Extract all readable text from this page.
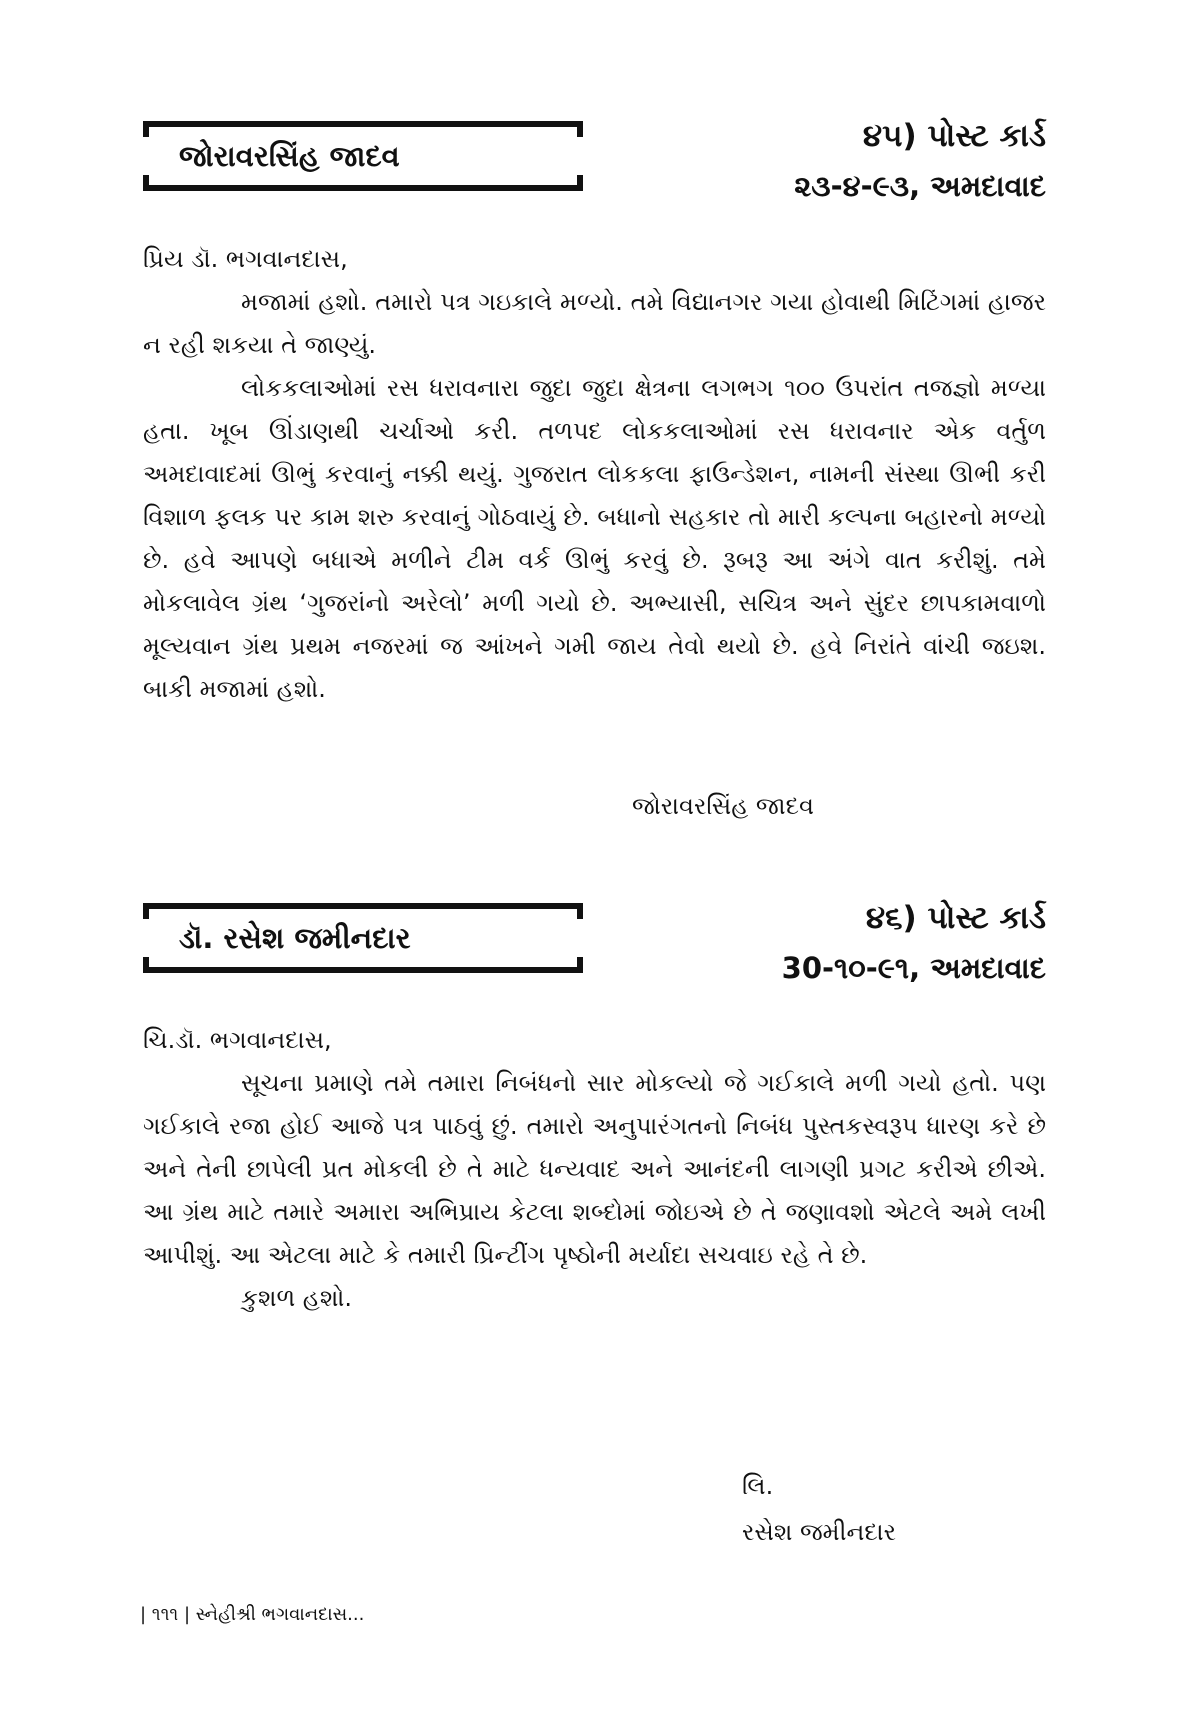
જોરાવરસિંહ જાદવ
૪૫) પોસ્ટ કાર્ડ
૨૩-૪-૯૩, અમદાવાદ
પ્રિય ડૉ. ભગવાનદાસ,

મજામાં હશો. તમારો પત્ર ગઇકાલે મળ્યો. તમે વિદ્યાનગર ગયા હોવાથી મિટિંગમાં હાજર ન રહી શકયા તે જાણ્યું.

લોકકલાઓમાં રસ ધરાવનારા જુદા જુદા ક્ષેત્રના લગભગ ૧૦૦ ઉપરાંત તજજ્ઞો મળ્યા હતા. ખૂબ ઊંડાણથી ચર્ચાઓ કરી. તળપદ લોકકલાઓમાં રસ ધરાવનાર એક વર્તુળ અમદાવાદમાં ઊભું કરવાનું નક્કી થયું. ગુજરાત લોકકલા ફાઉન્ડેશન, નામની સંસ્થા ઊભી કરી વિશાળ ફલક પર કામ શરુ કરવાનું ગોઠવાયું છે. બધાનો સહકાર તો મારી કલ્પના બહારનો મળ્યો છે. હવે આપણે બધાએ મળીને ટીમ વર્ક ઊભું કરવું છે. રૂબરૂ આ અંગે વાત કરીશું. તમે મોકલાવેલ ગ્રંથ ‘ગુજરાંનો અરેલો’ મળી ગયો છે. અભ્યાસી, સચિત્ર અને સુંદર છાપકામવાળો મૂલ્યવાન ગ્રંથ પ્રથમ નજરમાં જ આંખને ગમી જાય તેવો થયો છે. હવે નિરાંતે વાંચી જઇશ. બાકી મજામાં હશો.

જોરાવરસિંહ જાદવ
ડૉ. રસેશ જમીનદાર
૪૬) પોસ્ટ કાર્ડ
30-૧૦-૯૧, અમદાવાદ
ચિ.ડૉ. ભગવાનદાસ,

સૂચના પ્રમાણે તમે તમારા નિબંધનો સાર મોકલ્યો જે ગઈકાલે મળી ગયો હતો. પણ ગઈકાલે રજા હોઈ આજે પત્ર પાઠવું છું. તમારો અનુપારંગતનો નિબંધ પુસ્તકસ્વરૂપ ધારણ કરે છે અને તેની છાપેલી પ્રત મોકલી છે તે માટે ધન્યવાદ અને આનંદની લાગણી પ્રગટ કરીએ છીએ. આ ગ્રંથ માટે તમારે અમારા અભિપ્રાય કેટલા શબ્દોમાં જોઇએ છે તે જણાવશો એટલે અમે લખી આપીશું. આ એટલા માટે કે તમારી પ્રિન્ટીંગ પૃષ્ઠોની મર્યાદા સચવાઇ રહે તે છે.

કુશળ હશો.

લિ.
રસેશ જમીનદાર
| ૧૧૧ | સ્નેહીશ્રી ભગવાનદાસ...
